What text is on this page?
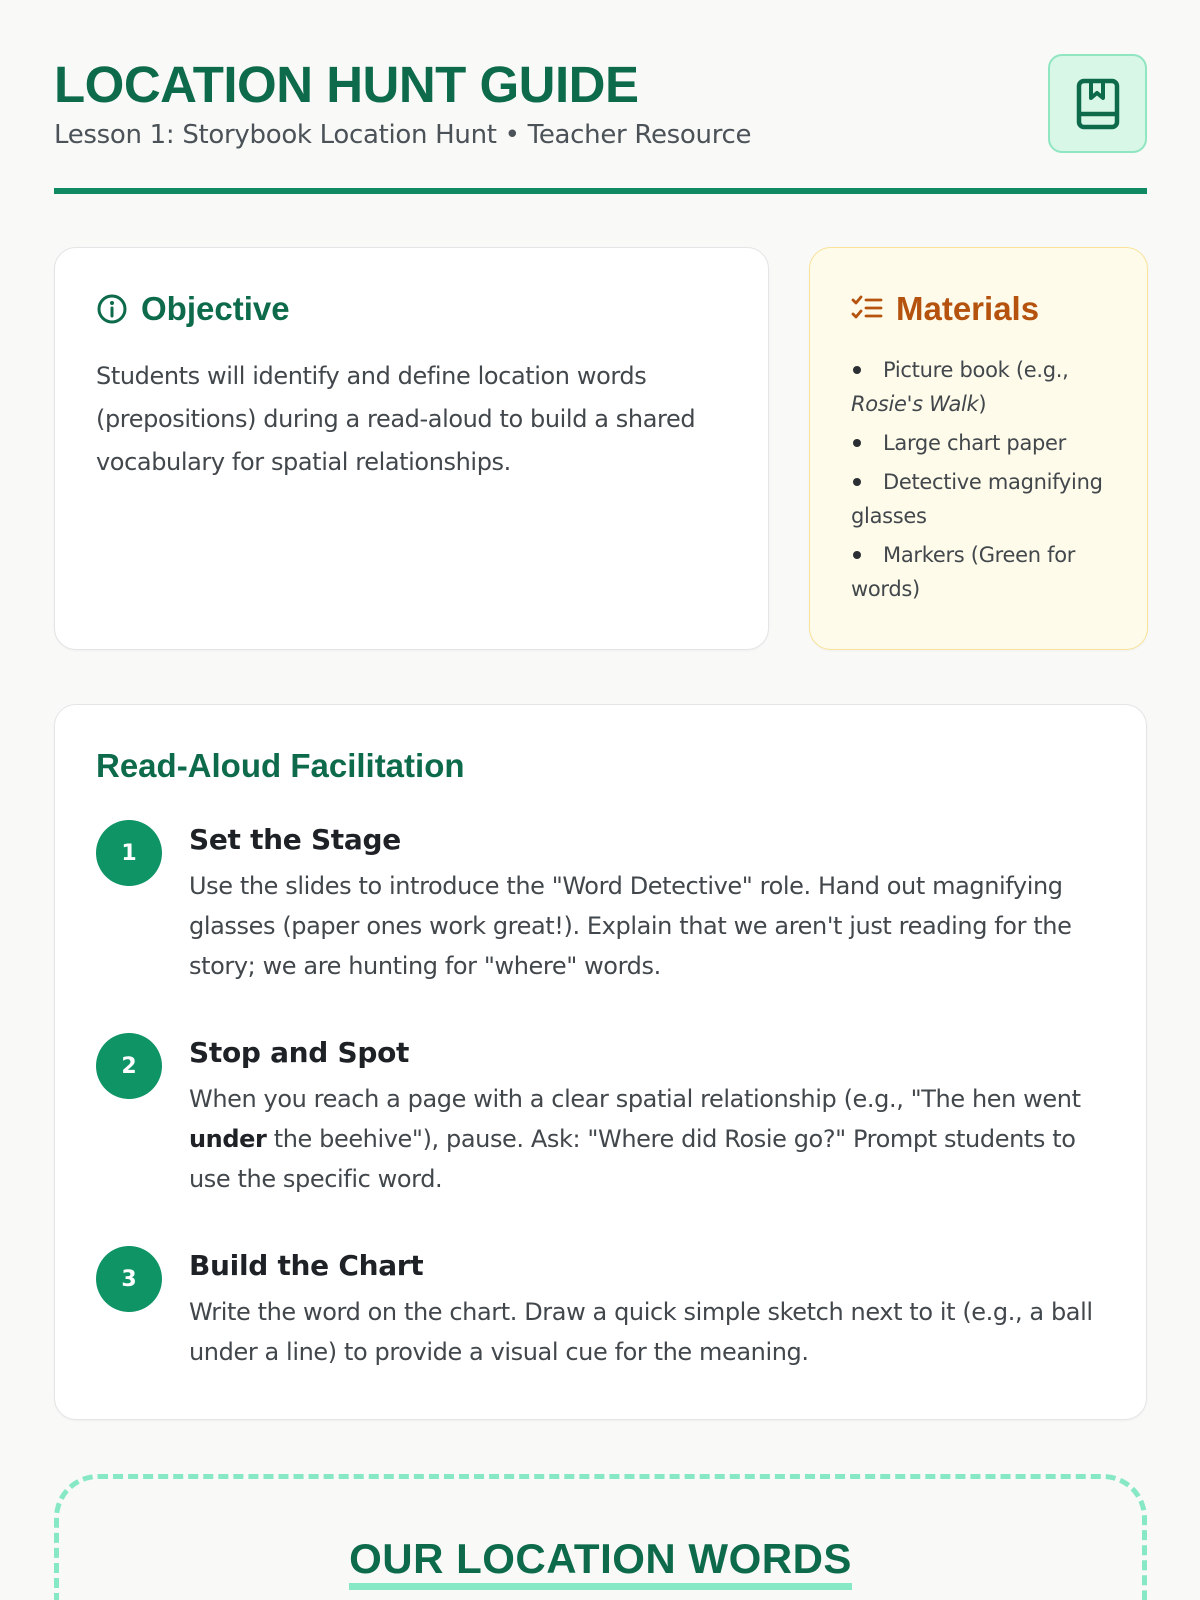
LOCATION HUNT GUIDE
Lesson 1: Storybook Location Hunt • Teacher Resource
Objective

Students will identify and define location words (prepositions) during a read-aloud to build a shared vocabulary for spatial relationships.

Materials
Picture book (e.g., Rosie's Walk)
Large chart paper
Detective magnifying glasses
Markers (Green for words)
Read-Aloud Facilitation
1	Set the Stage

Use the slides to introduce the "Word Detective" role. Hand out magnifying glasses (paper ones work great!). Explain that we aren't just reading for the story; we are hunting for "where" words.

2	Stop and Spot

When you reach a page with a clear spatial relationship (e.g., "The hen went under the beehive"), pause. Ask: "Where did Rosie go?" Prompt students to use the specific word.

3	Build the Chart

Write the word on the chart. Draw a quick simple sketch next to it (e.g., a ball under a line) to provide a visual cue for the meaning.

OUR LOCATION WORDS
